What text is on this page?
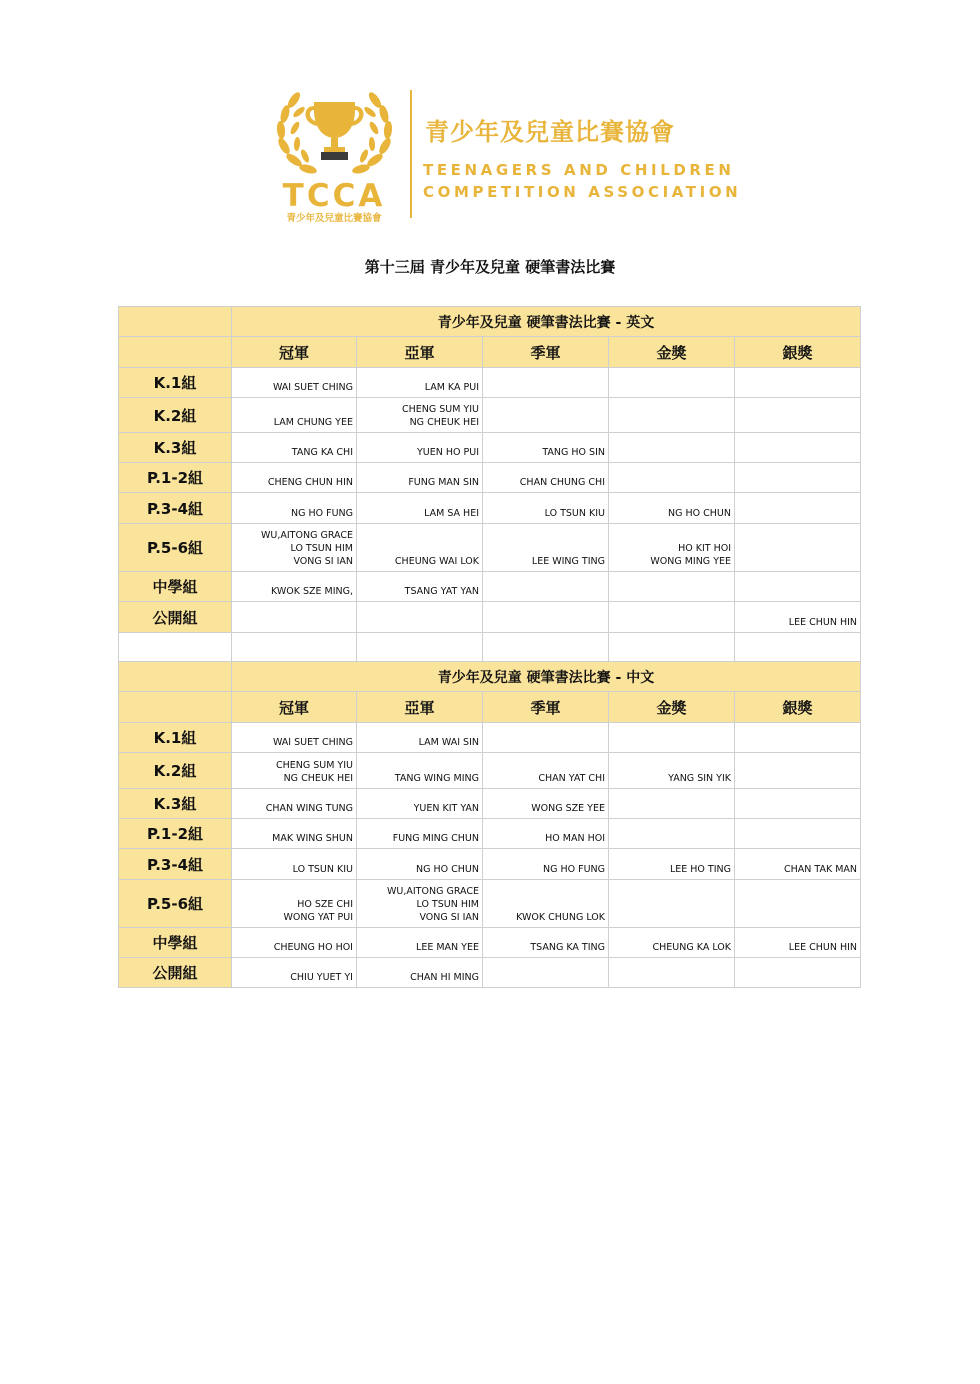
TCCA
青少年及兒童比賽協會
青少年及兒童比賽協會
TEENAGERS AND CHILDREN
COMPETITION ASSOCIATION
第十三屆 青少年及兒童 硬筆書法比賽
	青少年及兒童 硬筆書法比賽 - 英文				
	冠軍	亞軍	季軍	金獎	銀獎
K.1組	WAI SUET CHING	LAM KA PUI			
K.2組	LAM CHUNG YEE	CHENG SUM YIU
NG CHEUK HEI			
K.3組	TANG KA CHI	YUEN HO PUI	TANG HO SIN		
P.1-2組	CHENG CHUN HIN	FUNG MAN SIN	CHAN CHUNG CHI		
P.3-4組	NG HO FUNG	LAM SA HEI	LO TSUN KIU	NG HO CHUN	
P.5-6組	WU,AITONG GRACE
LO TSUN HIM
VONG SI IAN	CHEUNG WAI LOK	LEE WING TING	HO KIT HOI
WONG MING YEE	
中學組	KWOK SZE MING,	TSANG YAT YAN			
公開組					LEE CHUN HIN

	青少年及兒童 硬筆書法比賽 - 中文				
	冠軍	亞軍	季軍	金獎	銀獎
K.1組	WAI SUET CHING	LAM WAI SIN			
K.2組	CHENG SUM YIU
NG CHEUK HEI	TANG WING MING	CHAN YAT CHI	YANG SIN YIK	
K.3組	CHAN WING TUNG	YUEN KIT YAN	WONG SZE YEE		
P.1-2組	MAK WING SHUN	FUNG MING CHUN	HO MAN HOI		
P.3-4組	LO TSUN KIU	NG HO CHUN	NG HO FUNG	LEE HO TING	CHAN TAK MAN
P.5-6組	HO SZE CHI
WONG YAT PUI	WU,AITONG GRACE
LO TSUN HIM
VONG SI IAN	KWOK CHUNG LOK		
中學組	CHEUNG HO HOI	LEE MAN YEE	TSANG KA TING	CHEUNG KA LOK	LEE CHUN HIN
公開組	CHIU YUET YI	CHAN HI MING			
